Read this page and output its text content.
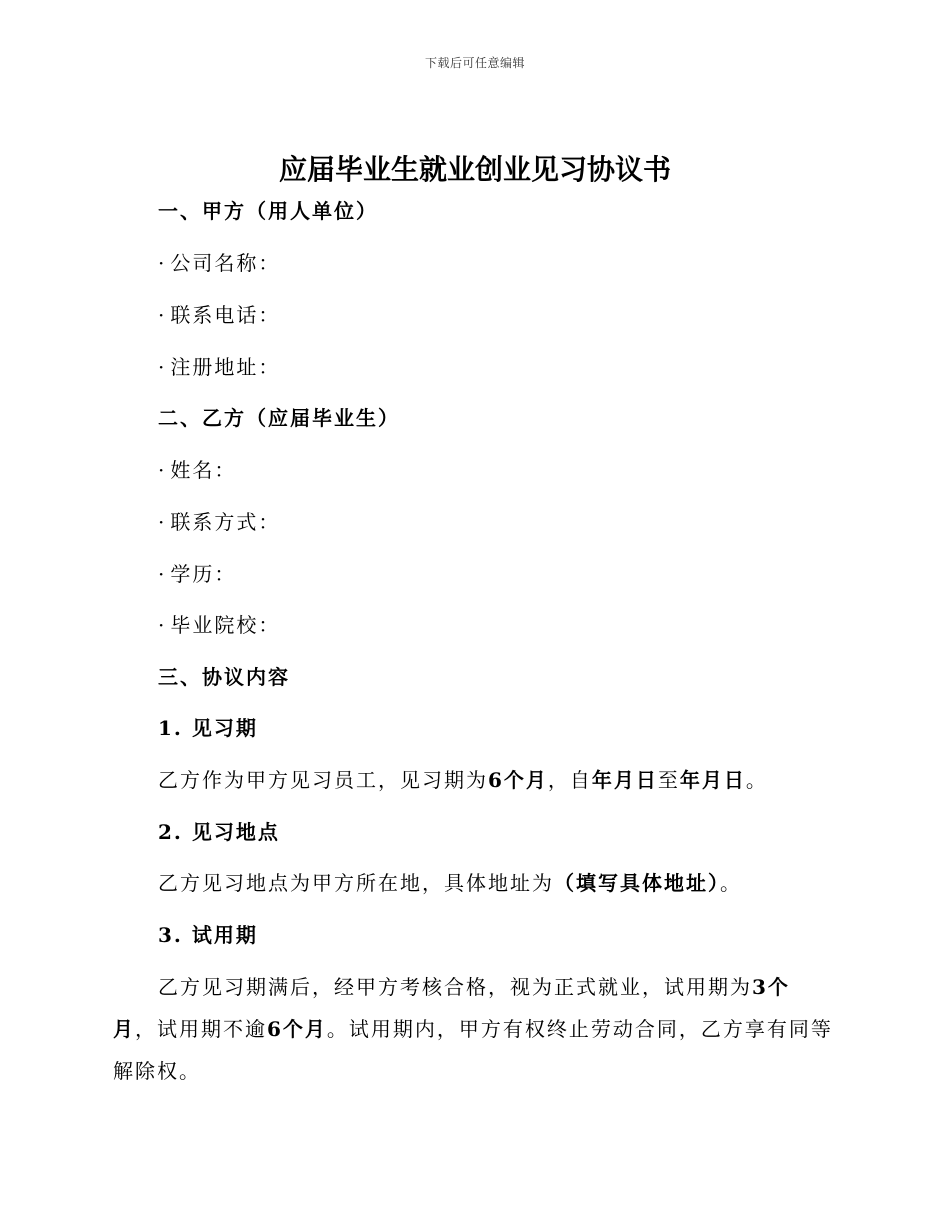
下载后可任意编辑
应届毕业生就业创业见习协议书

一、甲方（用人单位）

· 公司名称：

· 联系电话：

· 注册地址：

二、乙方（应届毕业生）

· 姓名：

· 联系方式：

· 学历：

· 毕业院校：

三、协议内容

1. 见习期

乙方作为甲方见习员工，见习期为6个月，自年月日至年月日。

2. 见习地点

乙方见习地点为甲方所在地，具体地址为（填写具体地址）。

3. 试用期

乙方见习期满后，经甲方考核合格，视为正式就业，试用期为3个月，试用期不逾6个月。试用期内，甲方有权终止劳动合同，乙方享有同等解除权。
